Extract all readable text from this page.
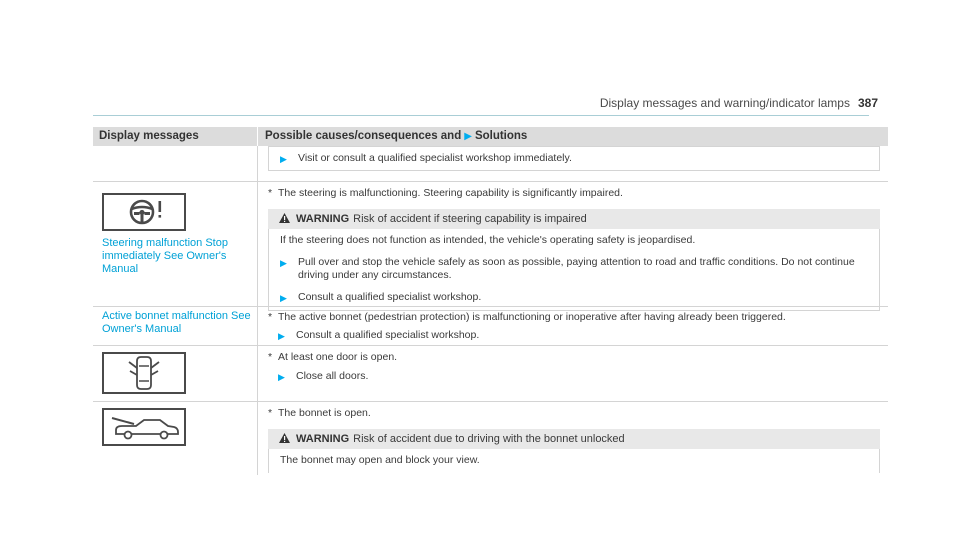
Display messages and warning/indicator lamps 387
Display messages	Possible causes/consequences and ▶ Solutions
▶	Visit or consult a qualified specialist workshop immediately.
Steering malfunction Stop immediately See Owner's Manual
* The steering is malfunctioning. Steering capability is significantly impaired.
WARNING Risk of accident if steering capability is impaired
If the steering does not function as intended, the vehicle's operating safety is jeopardised.
▶	Pull over and stop the vehicle safely as soon as possible, paying attention to road and traffic conditions. Do not continue driving under any circumstances.
▶	Consult a qualified specialist workshop.
Active bonnet malfunction See Owner's Manual
* The active bonnet (pedestrian protection) is malfunctioning or inoperative after having already been triggered.
▶	Consult a qualified specialist workshop.
* At least one door is open.
▶	Close all doors.
* The bonnet is open.
WARNING Risk of accident due to driving with the bonnet unlocked
The bonnet may open and block your view.
